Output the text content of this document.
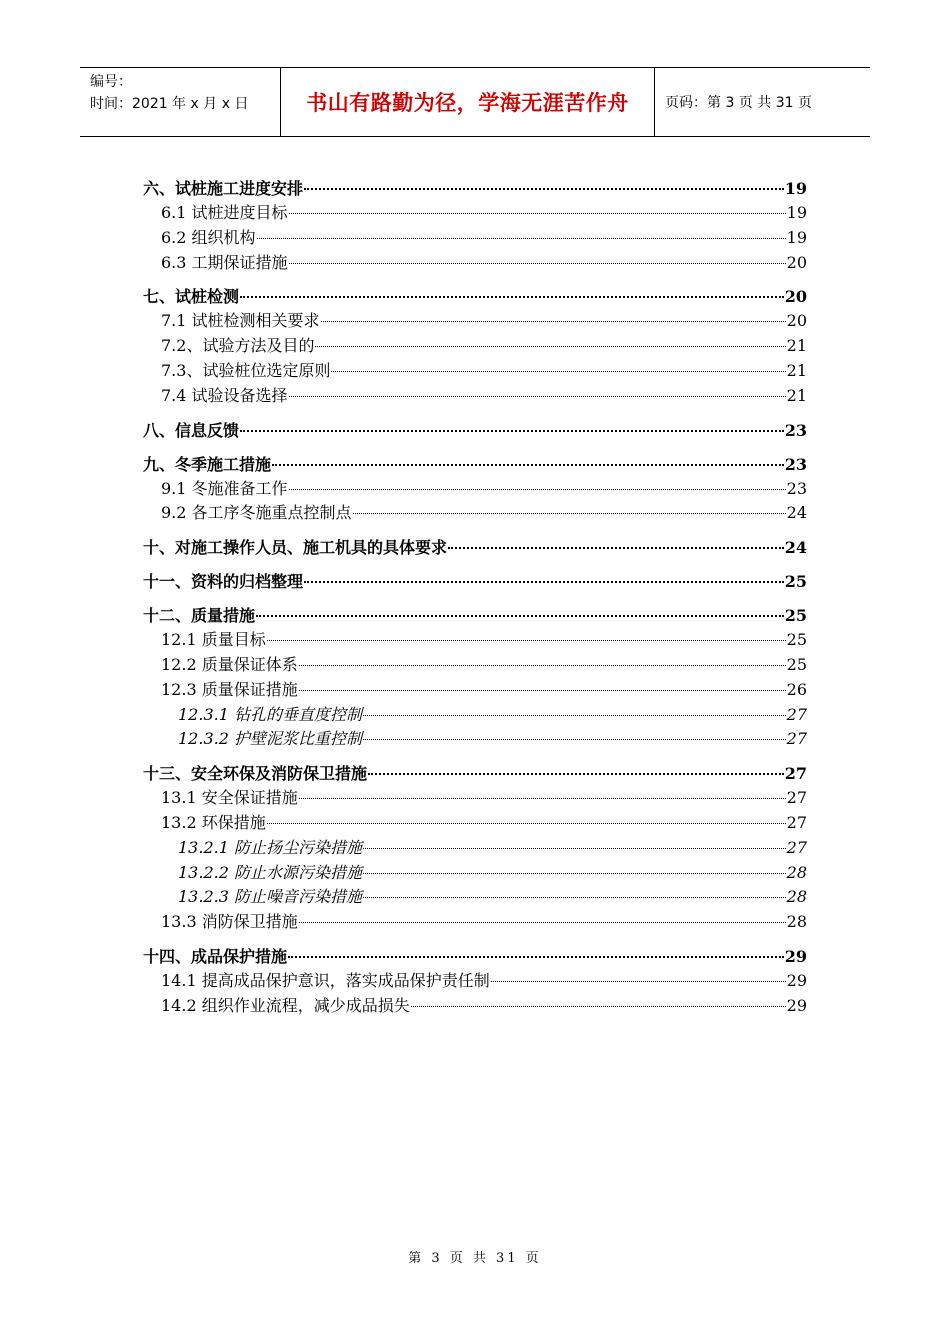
编号：
时间：2021 年 x 月 x 日	书山有路勤为径，学海无涯苦作舟	页码：第 3 页 共 31 页
六、试桩施工进度安排	19
6.1 试桩进度目标	19
6.2 组织机构	19
6.3 工期保证措施	20
七、试桩检测	20
7.1 试桩检测相关要求	20
7.2、试验方法及目的	21
7.3、试验桩位选定原则	21
7.4 试验设备选择	21
八、信息反馈	23
九、冬季施工措施	23
9.1 冬施准备工作	23
9.2 各工序冬施重点控制点	24
十、对施工操作人员、施工机具的具体要求	24
十一、资料的归档整理	25
十二、质量措施	25
12.1 质量目标	25
12.2 质量保证体系	25
12.3 质量保证措施	26
12.3.1 钻孔的垂直度控制	27
12.3.2 护壁泥浆比重控制	27
十三、安全环保及消防保卫措施	27
13.1 安全保证措施	27
13.2 环保措施	27
13.2.1 防止扬尘污染措施	27
13.2.2 防止水源污染措施	28
13.2.3 防止噪音污染措施	28
13.3 消防保卫措施	28
十四、成品保护措施	29
14.1 提高成品保护意识，落实成品保护责任制	29
14.2 组织作业流程，减少成品损失	29
第 3 页 共 31 页
